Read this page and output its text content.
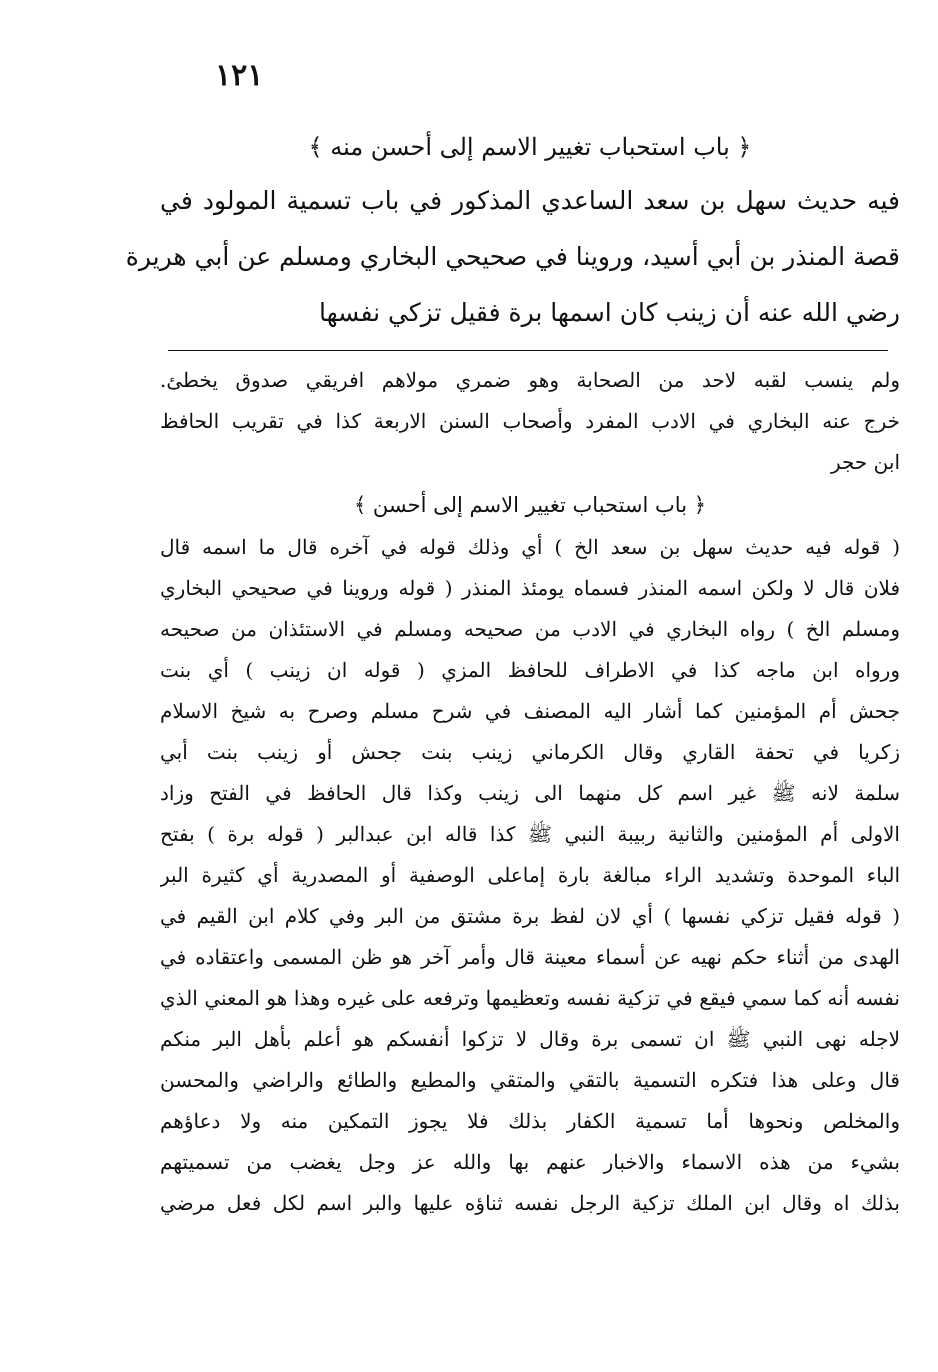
١٢١
﴿ باب استحباب تغيير الاسم إلى أحسن منه ﴾
فيه حديث سهل بن سعد الساعدي المذكور في باب تسمية المولود في
قصة المنذر بن أبي أسيد، وروينا في صحيحي البخاري ومسلم عن أبي هريرة
رضي الله عنه أن زينب كان اسمها برة فقيل تزكي نفسها
ولم ينسب لقبه لاحد من الصحابة وهو ضمري مولاهم افريقي صدوق يخطئ.
خرج عنه البخاري في الادب المفرد وأصحاب السنن الاربعة كذا في تقريب الحافظ
ابن حجر
﴿ باب استحباب تغيير الاسم إلى أحسن ﴾
( قوله فيه حديث سهل بن سعد الخ ) أي وذلك قوله في آخره قال ما اسمه قال
فلان قال لا ولكن اسمه المنذر فسماه يومئذ المنذر ( قوله وروينا في صحيحي البخاري
ومسلم الخ ) رواه البخاري في الادب من صحيحه ومسلم في الاستئذان من صحيحه
ورواه ابن ماجه كذا في الاطراف للحافظ المزي ( قوله ان زينب ) أي بنت
جحش أم المؤمنين كما أشار اليه المصنف في شرح مسلم وصرح به شيخ الاسلام
زكريا في تحفة القاري وقال الكرماني زينب بنت جحش أو زينب بنت أبي
سلمة لانه ﷺ غير اسم كل منهما الى زينب وكذا قال الحافظ في الفتح وزاد
الاولى أم المؤمنين والثانية ربيبة النبي ﷺ كذا قاله ابن عبدالبر ( قوله برة ) بفتح
الباء الموحدة وتشديد الراء مبالغة بارة إماعلى الوصفية أو المصدرية أي كثيرة البر
( قوله فقيل تزكي نفسها ) أي لان لفظ برة مشتق من البر وفي كلام ابن القيم في
الهدى من أثناء حكم نهيه عن أسماء معينة قال وأمر آخر هو ظن المسمى واعتقاده في
نفسه أنه كما سمي فيقع في تزكية نفسه وتعظيمها وترفعه على غيره وهذا هو المعني الذي
لاجله نهى النبي ﷺ ان تسمى برة وقال لا تزكوا أنفسكم هو أعلم بأهل البر منكم
قال وعلى هذا فتكره التسمية بالتقي والمتقي والمطيع والطائع والراضي والمحسن
والمخلص ونحوها أما تسمية الكفار بذلك فلا يجوز التمكين منه ولا دعاؤهم
بشيء من هذه الاسماء والاخبار عنهم بها والله عز وجل يغضب من تسميتهم
بذلك اه وقال ابن الملك تزكية الرجل نفسه ثناؤه عليها والبر اسم لكل فعل مرضي
